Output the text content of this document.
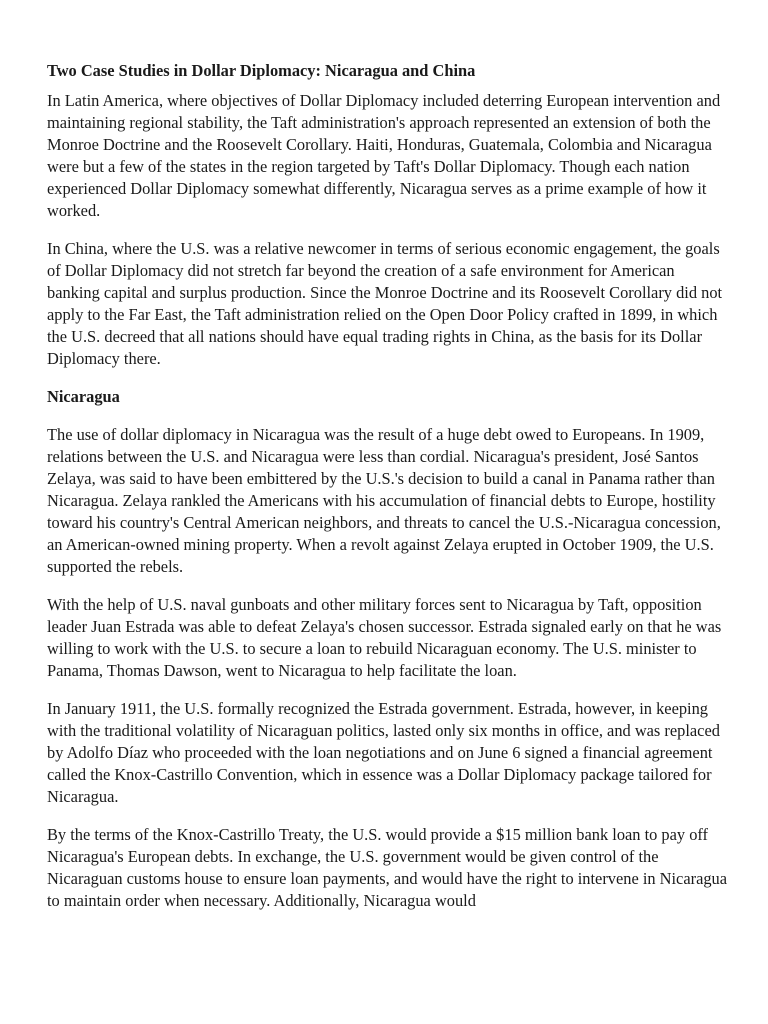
Two Case Studies in Dollar Diplomacy: Nicaragua and China

In Latin America, where objectives of Dollar Diplomacy included deterring European intervention and maintaining regional stability, the Taft administration's approach represented an extension of both the Monroe Doctrine and the Roosevelt Corollary. Haiti, Honduras, Guatemala, Colombia and Nicaragua were but a few of the states in the region targeted by Taft's Dollar Diplomacy. Though each nation experienced Dollar Diplomacy somewhat differently, Nicaragua serves as a prime example of how it worked.

In China, where the U.S. was a relative newcomer in terms of serious economic engagement, the goals of Dollar Diplomacy did not stretch far beyond the creation of a safe environment for American banking capital and surplus production. Since the Monroe Doctrine and its Roosevelt Corollary did not apply to the Far East, the Taft administration relied on the Open Door Policy crafted in 1899, in which the U.S. decreed that all nations should have equal trading rights in China, as the basis for its Dollar Diplomacy there.

Nicaragua

The use of dollar diplomacy in Nicaragua was the result of a huge debt owed to Europeans. In 1909, relations between the U.S. and Nicaragua were less than cordial. Nicaragua's president, José Santos Zelaya, was said to have been embittered by the U.S.'s decision to build a canal in Panama rather than Nicaragua. Zelaya rankled the Americans with his accumulation of financial debts to Europe, hostility toward his country's Central American neighbors, and threats to cancel the U.S.-Nicaragua concession, an American-owned mining property. When a revolt against Zelaya erupted in October 1909, the U.S. supported the rebels.

With the help of U.S. naval gunboats and other military forces sent to Nicaragua by Taft, opposition leader Juan Estrada was able to defeat Zelaya's chosen successor. Estrada signaled early on that he was willing to work with the U.S. to secure a loan to rebuild Nicaraguan economy. The U.S. minister to Panama, Thomas Dawson, went to Nicaragua to help facilitate the loan.

In January 1911, the U.S. formally recognized the Estrada government. Estrada, however, in keeping with the traditional volatility of Nicaraguan politics, lasted only six months in office, and was replaced by Adolfo Díaz who proceeded with the loan negotiations and on June 6 signed a financial agreement called the Knox-Castrillo Convention, which in essence was a Dollar Diplomacy package tailored for Nicaragua.

By the terms of the Knox-Castrillo Treaty, the U.S. would provide a $15 million bank loan to pay off Nicaragua's European debts. In exchange, the U.S. government would be given control of the Nicaraguan customs house to ensure loan payments, and would have the right to intervene in Nicaragua to maintain order when necessary. Additionally, Nicaragua would
